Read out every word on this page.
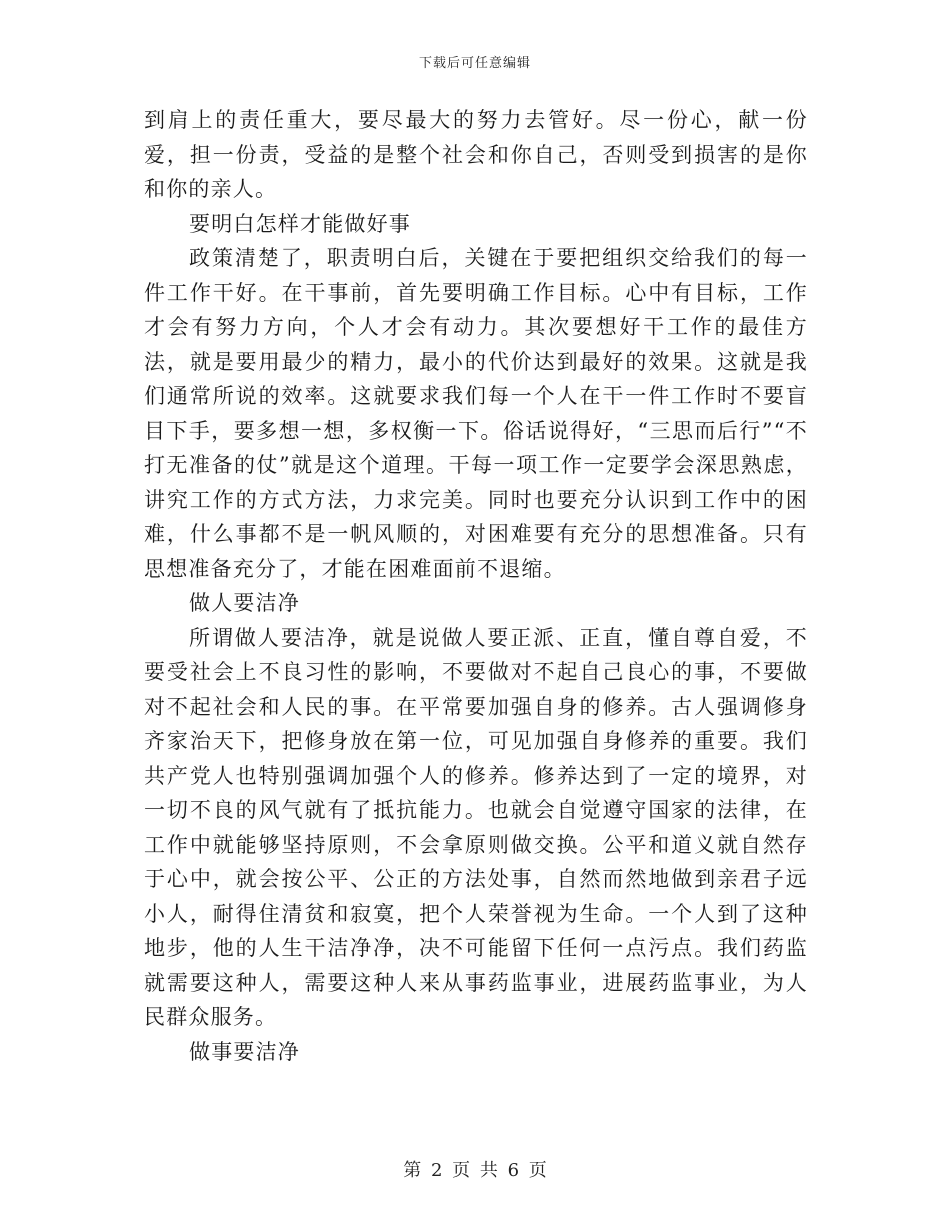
下载后可任意编辑

到肩上的责任重大，要尽最大的努力去管好。尽一份心，献一份爱，担一份责，受益的是整个社会和你自己，否则受到损害的是你和你的亲人。

要明白怎样才能做好事

政策清楚了，职责明白后，关键在于要把组织交给我们的每一件工作干好。在干事前，首先要明确工作目标。心中有目标，工作才会有努力方向，个人才会有动力。其次要想好干工作的最佳方法，就是要用最少的精力，最小的代价达到最好的效果。这就是我们通常所说的效率。这就要求我们每一个人在干一件工作时不要盲目下手，要多想一想，多权衡一下。俗话说得好，“三思而后行”“不打无准备的仗”就是这个道理。干每一项工作一定要学会深思熟虑，讲究工作的方式方法，力求完美。同时也要充分认识到工作中的困难，什么事都不是一帆风顺的，对困难要有充分的思想准备。只有思想准备充分了，才能在困难面前不退缩。

做人要洁净

所谓做人要洁净，就是说做人要正派、正直，懂自尊自爱，不要受社会上不良习性的影响，不要做对不起自己良心的事，不要做对不起社会和人民的事。在平常要加强自身的修养。古人强调修身齐家治天下，把修身放在第一位，可见加强自身修养的重要。我们共产党人也特别强调加强个人的修养。修养达到了一定的境界，对一切不良的风气就有了抵抗能力。也就会自觉遵守国家的法律，在工作中就能够坚持原则，不会拿原则做交换。公平和道义就自然存于心中，就会按公平、公正的方法处事，自然而然地做到亲君子远小人，耐得住清贫和寂寞，把个人荣誉视为生命。一个人到了这种地步，他的人生干洁净净，决不可能留下任何一点污点。我们药监就需要这种人，需要这种人来从事药监事业，进展药监事业，为人民群众服务。

做事要洁净

第 2 页 共 6 页
